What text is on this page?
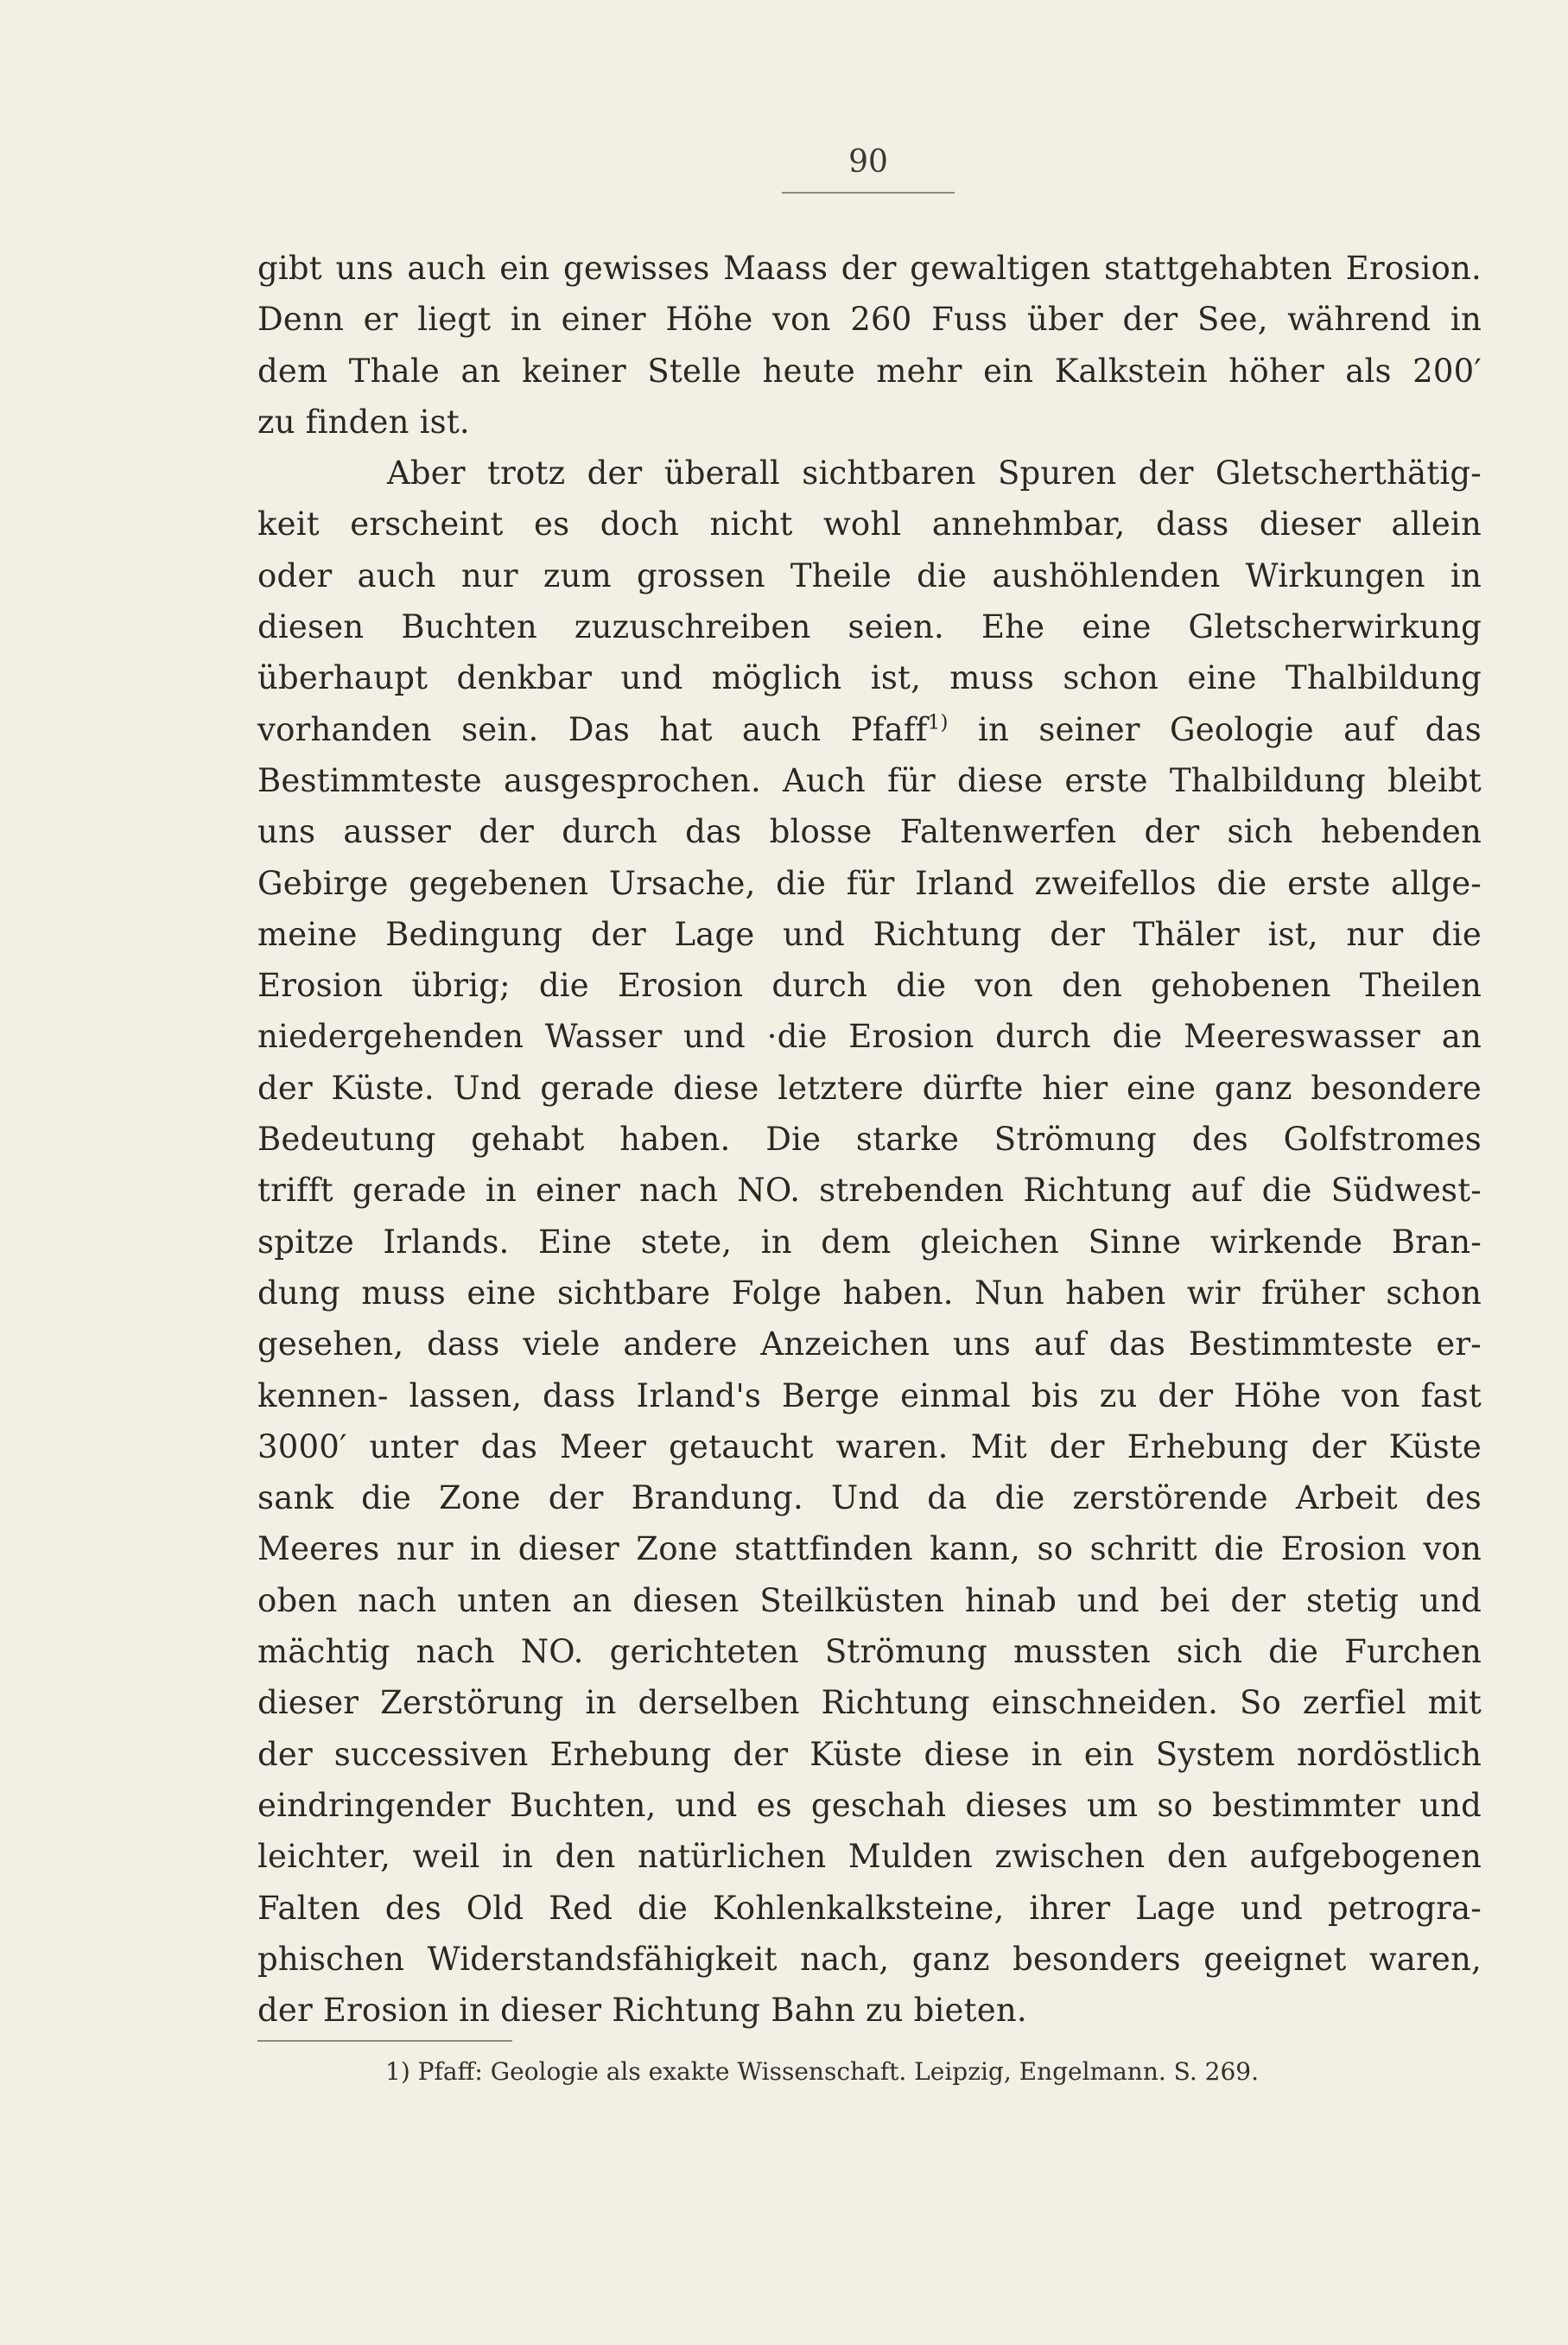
90
gibt uns auch ein gewisses Maass der gewaltigen stattgehabten Erosion.
Denn er liegt in einer Höhe von 260 Fuss über der See, während in
dem Thale an keiner Stelle heute mehr ein Kalkstein höher als 200′
zu finden ist.
Aber trotz der überall sichtbaren Spuren der Gletscherthätig-
keit erscheint es doch nicht wohl annehmbar, dass dieser allein
oder auch nur zum grossen Theile die aushöhlenden Wirkungen in
diesen Buchten zuzuschreiben seien. Ehe eine Gletscherwirkung
überhaupt denkbar und möglich ist, muss schon eine Thalbildung
vorhanden sein. Das hat auch Pfaff$^{1)}$ in seiner Geologie auf das
Bestimmteste ausgesprochen. Auch für diese erste Thalbildung bleibt
uns ausser der durch das blosse Faltenwerfen der sich hebenden
Gebirge gegebenen Ursache, die für Irland zweifellos die erste allge-
meine Bedingung der Lage und Richtung der Thäler ist, nur die
Erosion übrig; die Erosion durch die von den gehobenen Theilen
niedergehenden Wasser und ·die Erosion durch die Meereswasser an
der Küste. Und gerade diese letztere dürfte hier eine ganz besondere
Bedeutung gehabt haben. Die starke Strömung des Golfstromes
trifft gerade in einer nach NO. strebenden Richtung auf die Südwest-
spitze Irlands. Eine stete, in dem gleichen Sinne wirkende Bran-
dung muss eine sichtbare Folge haben. Nun haben wir früher schon
gesehen, dass viele andere Anzeichen uns auf das Bestimmteste er-
kennen- lassen, dass Irland's Berge einmal bis zu der Höhe von fast
3000′ unter das Meer getaucht waren. Mit der Erhebung der Küste
sank die Zone der Brandung. Und da die zerstörende Arbeit des
Meeres nur in dieser Zone stattfinden kann, so schritt die Erosion von
oben nach unten an diesen Steilküsten hinab und bei der stetig und
mächtig nach NO. gerichteten Strömung mussten sich die Furchen
dieser Zerstörung in derselben Richtung einschneiden. So zerfiel mit
der successiven Erhebung der Küste diese in ein System nordöstlich
eindringender Buchten, und es geschah dieses um so bestimmter und
leichter, weil in den natürlichen Mulden zwischen den aufgebogenen
Falten des Old Red die Kohlenkalksteine, ihrer Lage und petrogra-
phischen Widerstandsfähigkeit nach, ganz besonders geeignet waren,
der Erosion in dieser Richtung Bahn zu bieten.
1) Pfaff: Geologie als exakte Wissenschaft. Leipzig, Engelmann. S. 269.
